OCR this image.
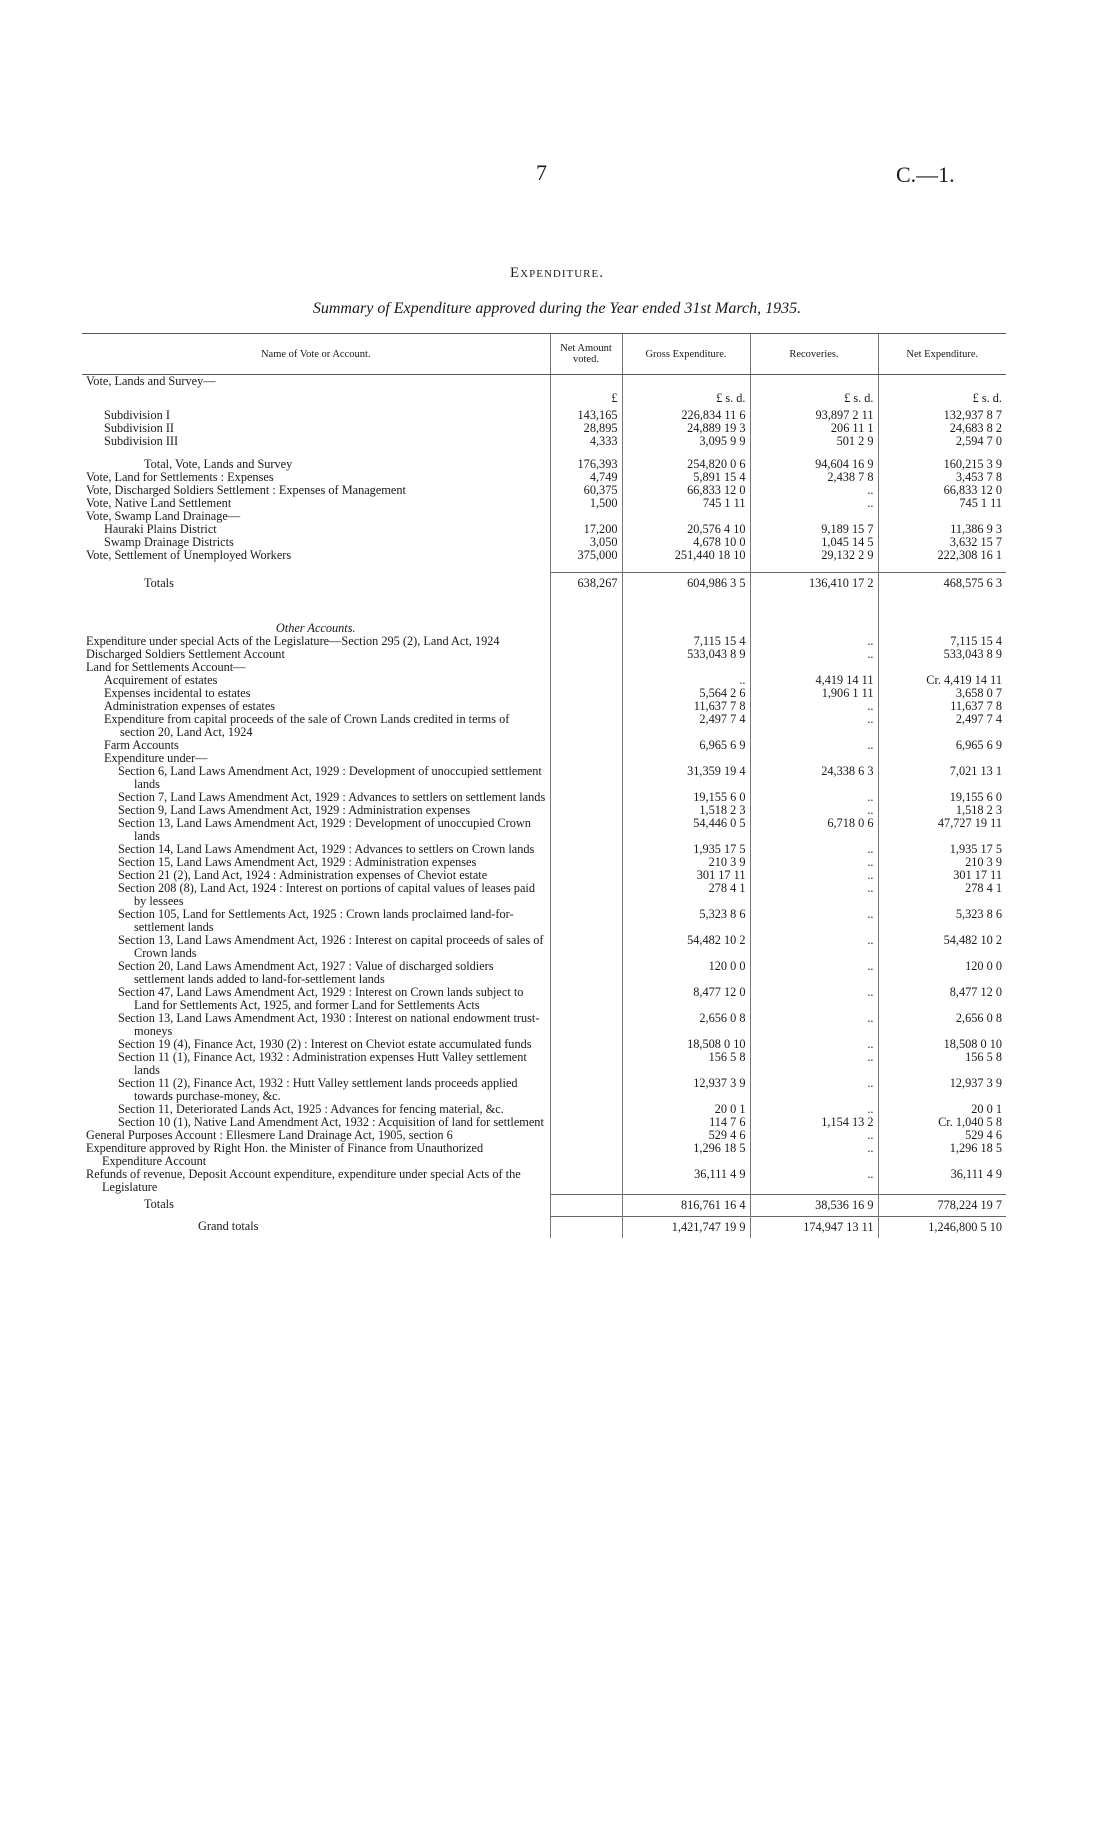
7	C.—1.
Expenditure.
Summary of Expenditure approved during the Year ended 31st March, 1935.
Name of Vote or Account.	Net Amount voted.	Gross Expenditure.	Recoveries.	Net Expenditure.

Vote, Lands and Survey—				

	£	£ s. d.	£ s. d.	£ s. d.

Subdivision I	143,165	226,834 11 6	93,897 2 11	132,937 8 7

Subdivision II	28,895	24,889 19 3	206 11 1	24,683 8 2

Subdivision III	4,333	3,095 9 9	501 2 9	2,594 7 0

Total, Vote, Lands and Survey	176,393	254,820 0 6	94,604 16 9	160,215 3 9

Vote, Land for Settlements : Expenses	4,749	5,891 15 4	2,438 7 8	3,453 7 8

Vote, Discharged Soldiers Settlement : Expenses of Management	60,375	66,833 12 0	..	66,833 12 0

Vote, Native Land Settlement	1,500	745 1 11	..	745 1 11

Vote, Swamp Land Drainage—				

Hauraki Plains District	17,200	20,576 4 10	9,189 15 7	11,386 9 3

Swamp Drainage Districts	3,050	4,678 10 0	1,045 14 5	3,632 15 7

Vote, Settlement of Unemployed Workers	375,000	251,440 18 10	29,132 2 9	222,308 16 1

Totals	638,267	604,986 3 5	136,410 17 2	468,575 6 3

Other Accounts.				

Expenditure under special Acts of the Legislature—Section 295 (2), Land Act, 1924		7,115 15 4	..	7,115 15 4

Discharged Soldiers Settlement Account		533,043 8 9	..	533,043 8 9

Land for Settlements Account—				

Acquirement of estates		..	4,419 14 11	Cr. 4,419 14 11

Expenses incidental to estates		5,564 2 6	1,906 1 11	3,658 0 7

Administration expenses of estates		11,637 7 8	..	11,637 7 8

Expenditure from capital proceeds of the sale of Crown Lands credited in terms of section 20, Land Act, 1924		2,497 7 4	..	2,497 7 4

Farm Accounts		6,965 6 9	..	6,965 6 9

Expenditure under—				

Section 6, Land Laws Amendment Act, 1929 : Development of unoccupied settlement lands		31,359 19 4	24,338 6 3	7,021 13 1

Section 7, Land Laws Amendment Act, 1929 : Advances to settlers on settlement lands		19,155 6 0	..	19,155 6 0

Section 9, Land Laws Amendment Act, 1929 : Administration expenses		1,518 2 3	..	1,518 2 3

Section 13, Land Laws Amendment Act, 1929 : Development of unoccupied Crown lands		54,446 0 5	6,718 0 6	47,727 19 11

Section 14, Land Laws Amendment Act, 1929 : Advances to settlers on Crown lands		1,935 17 5	..	1,935 17 5

Section 15, Land Laws Amendment Act, 1929 : Administration expenses		210 3 9	..	210 3 9

Section 21 (2), Land Act, 1924 : Administration expenses of Cheviot estate		301 17 11	..	301 17 11

Section 208 (8), Land Act, 1924 : Interest on portions of capital values of leases paid by lessees		278 4 1	..	278 4 1

Section 105, Land for Settlements Act, 1925 : Crown lands proclaimed land-for-settlement lands		5,323 8 6	..	5,323 8 6

Section 13, Land Laws Amendment Act, 1926 : Interest on capital proceeds of sales of Crown lands		54,482 10 2	..	54,482 10 2

Section 20, Land Laws Amendment Act, 1927 : Value of discharged soldiers settlement lands added to land-for-settlement lands		120 0 0	..	120 0 0

Section 47, Land Laws Amendment Act, 1929 : Interest on Crown lands subject to Land for Settlements Act, 1925, and former Land for Settlements Acts		8,477 12 0	..	8,477 12 0

Section 13, Land Laws Amendment Act, 1930 : Interest on national endowment trust-moneys		2,656 0 8	..	2,656 0 8

Section 19 (4), Finance Act, 1930 (2) : Interest on Cheviot estate accumulated funds		18,508 0 10	..	18,508 0 10

Section 11 (1), Finance Act, 1932 : Administration expenses Hutt Valley settlement lands		156 5 8	..	156 5 8

Section 11 (2), Finance Act, 1932 : Hutt Valley settlement lands proceeds applied towards purchase-money, &c.		12,937 3 9	..	12,937 3 9

Section 11, Deteriorated Lands Act, 1925 : Advances for fencing material, &c.		20 0 1	..	20 0 1

Section 10 (1), Native Land Amendment Act, 1932 : Acquisition of land for settlement		114 7 6	1,154 13 2	Cr. 1,040 5 8

General Purposes Account : Ellesmere Land Drainage Act, 1905, section 6		529 4 6	..	529 4 6

Expenditure approved by Right Hon. the Minister of Finance from Unauthorized Expenditure Account		1,296 18 5	..	1,296 18 5

Refunds of revenue, Deposit Account expenditure, expenditure under special Acts of the Legislature		36,111 4 9	..	36,111 4 9
Totals		816,761 16 4	38,536 16 9	778,224 19 7
Grand totals		1,421,747 19 9	174,947 13 11	1,246,800 5 10
